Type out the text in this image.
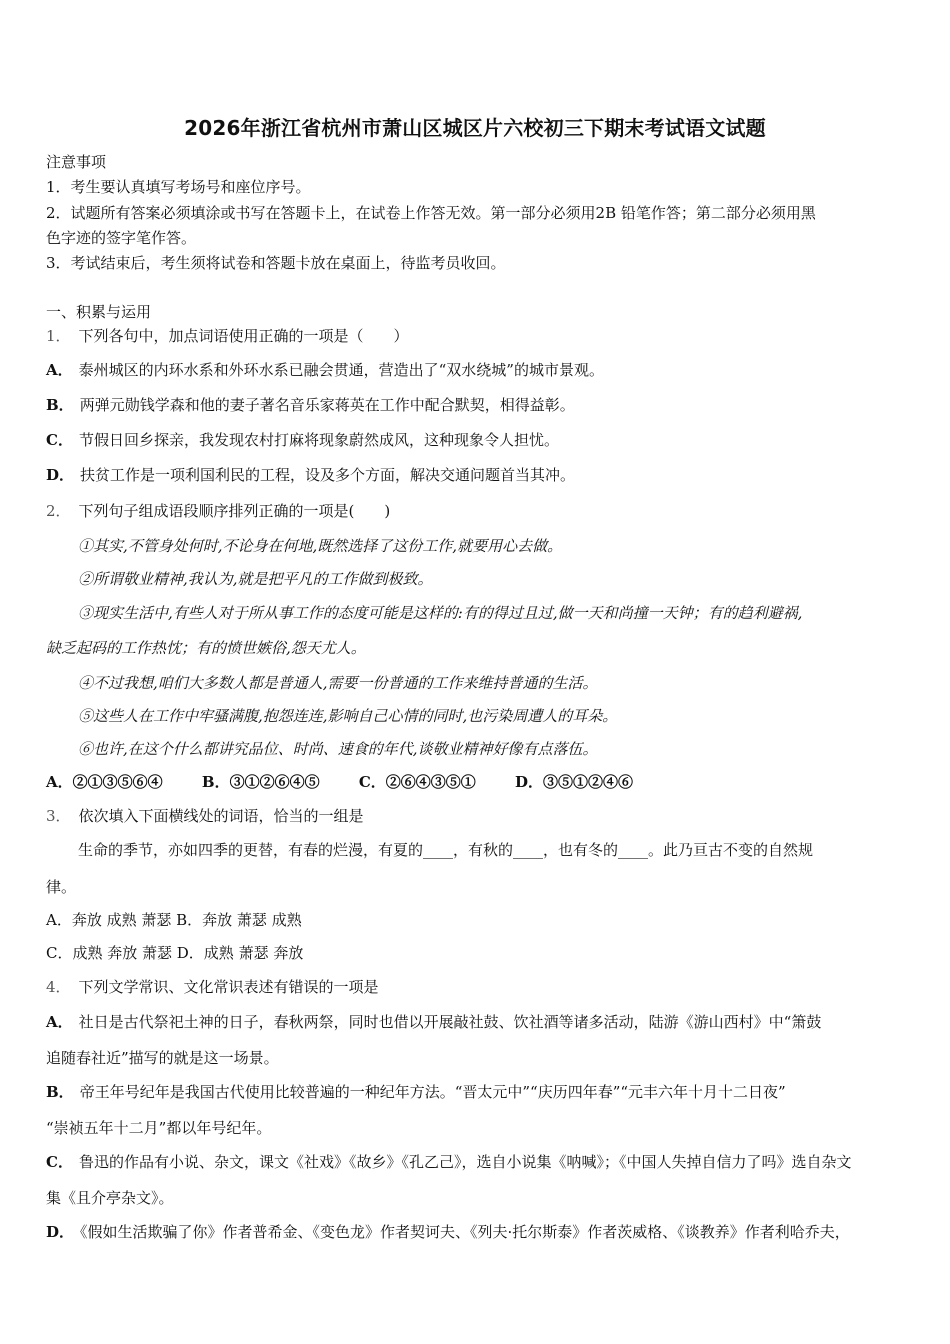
2026年浙江省杭州市萧山区城区片六校初三下期末考试语文试题
注意事项
1．考生要认真填写考场号和座位序号。
2．试题所有答案必须填涂或书写在答题卡上，在试卷上作答无效。第一部分必须用2B 铅笔作答；第二部分必须用黑
色字迹的签字笔作答。
3．考试结束后，考生须将试卷和答题卡放在桌面上，待监考员收回。
一、积累与运用
1． 下列各句中，加点词语使用正确的一项是（　　）
A． 泰州城区的内环水系和外环水系已融会贯通，营造出了“双水绕城”的城市景观。
B． 两弹元勋钱学森和他的妻子著名音乐家蒋英在工作中配合默契，相得益彰。
C． 节假日回乡探亲，我发现农村打麻将现象蔚然成风，这种现象令人担忧。
D． 扶贫工作是一项利国利民的工程，设及多个方面，解决交通问题首当其冲。
2． 下列句子组成语段顺序排列正确的一项是(　　)
①其实,不管身处何时,不论身在何地,既然选择了这份工作,就要用心去做。
②所谓敬业精神,我认为,就是把平凡的工作做到极致。
③现实生活中,有些人对于所从事工作的态度可能是这样的:有的得过且过,做一天和尚撞一天钟；有的趋利避祸,
缺乏起码的工作热忱；有的愤世嫉俗,怨天尤人。
④不过我想,咱们大多数人都是普通人,需要一份普通的工作来维持普通的生活。
⑤这些人在工作中牢骚满腹,抱怨连连,影响自己心情的同时,也污染周遭人的耳朵。
⑥也许,在这个什么都讲究品位、时尚、速食的年代,谈敬业精神好像有点落伍。
A．②①③⑤⑥④	B．③①②⑥④⑤	C．②⑥④③⑤①	D．③⑤①②④⑥
3． 依次填入下面横线处的词语，恰当的一组是
生命的季节，亦如四季的更替，有春的烂漫，有夏的____，有秋的____，也有冬的____。此乃亘古不变的自然规
律。
A．奔放 成熟 萧瑟 B．奔放 萧瑟 成熟
C．成熟 奔放 萧瑟 D．成熟 萧瑟 奔放
4． 下列文学常识、文化常识表述有错误的一项是
A． 社日是古代祭祀土神的日子，春秋两祭，同时也借以开展敲社鼓、饮社酒等诸多活动，陆游《游山西村》中“箫鼓
追随春社近”描写的就是这一场景。
B． 帝王年号纪年是我国古代使用比较普遍的一种纪年方法。“晋太元中”“庆历四年春”“元丰六年十月十二日夜”
“崇祯五年十二月”都以年号纪年。
C． 鲁迅的作品有小说、杂文，课文《社戏》《故乡》《孔乙己》，选自小说集《呐喊》；《中国人失掉自信力了吗》选自杂文
集《且介亭杂文》。
D． 《假如生活欺骗了你》作者普希金、《变色龙》作者契诃夫、《列夫·托尔斯泰》作者茨威格、《谈教养》作者利哈乔夫，
